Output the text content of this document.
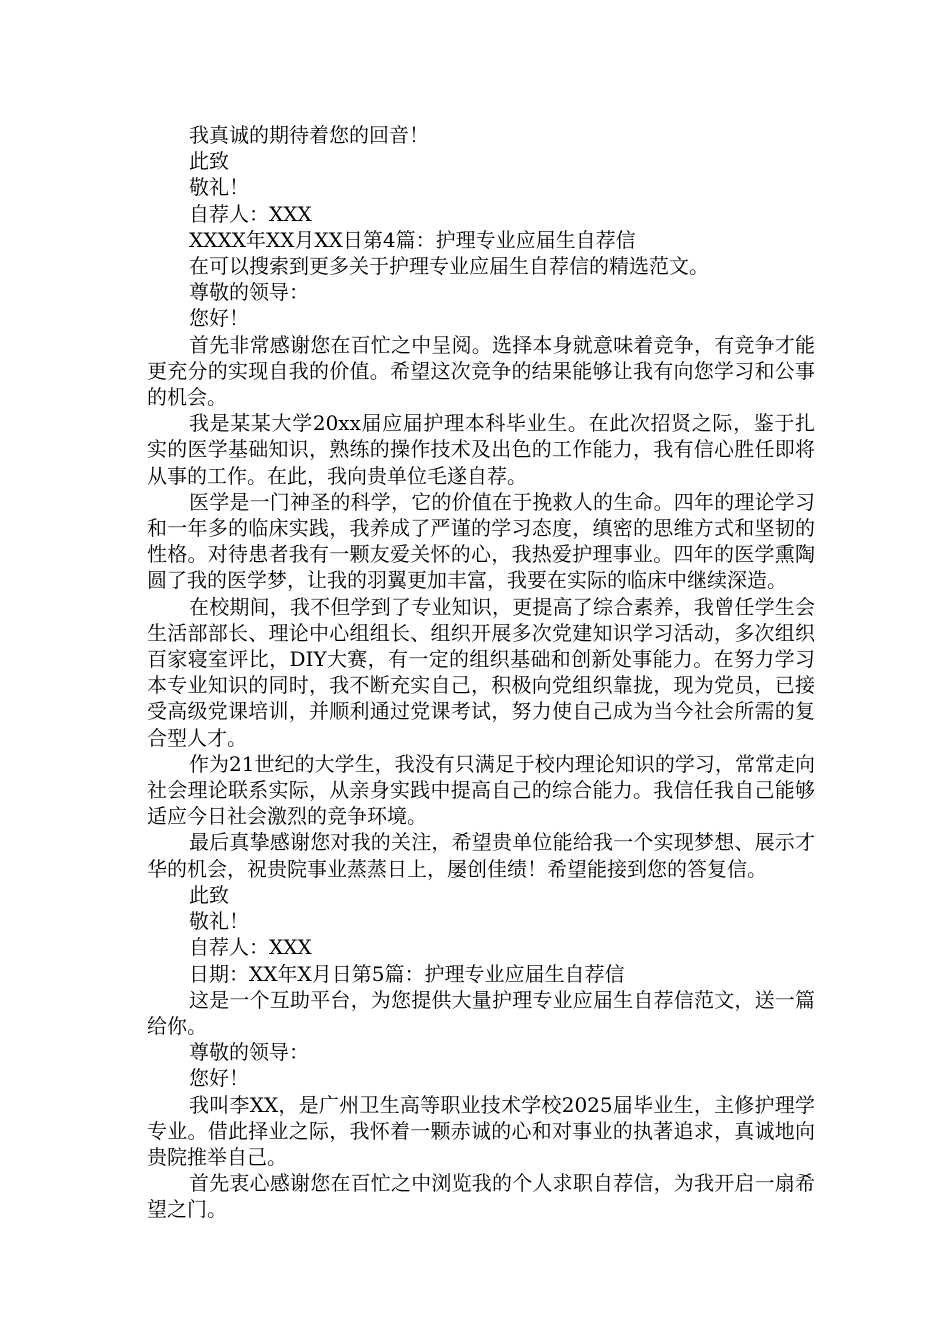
我真诚的期待着您的回音！

此致

敬礼！

自荐人：XXX

XXXX年XX月XX日第4篇：护理专业应届生自荐信

在可以搜索到更多关于护理专业应届生自荐信的精选范文。

尊敬的领导：

您好！

首先非常感谢您在百忙之中呈阅。选择本身就意味着竞争，有竞争才能更充分的实现自我的价值。希望这次竞争的结果能够让我有向您学习和公事的机会。

我是某某大学20xx届应届护理本科毕业生。在此次招贤之际，鉴于扎实的医学基础知识，熟练的操作技术及出色的工作能力，我有信心胜任即将从事的工作。在此，我向贵单位毛遂自荐。

医学是一门神圣的科学，它的价值在于挽救人的生命。四年的理论学习和一年多的临床实践，我养成了严谨的学习态度，缜密的思维方式和坚韧的性格。对待患者我有一颗友爱关怀的心，我热爱护理事业。四年的医学熏陶圆了我的医学梦，让我的羽翼更加丰富，我要在实际的临床中继续深造。

在校期间，我不但学到了专业知识，更提高了综合素养，我曾任学生会生活部部长、理论中心组组长、组织开展多次党建知识学习活动，多次组织百家寝室评比，DIY大赛，有一定的组织基础和创新处事能力。在努力学习本专业知识的同时，我不断充实自己，积极向党组织靠拢，现为党员，已接受高级党课培训，并顺利通过党课考试，努力使自己成为当今社会所需的复合型人才。

作为21世纪的大学生，我没有只满足于校内理论知识的学习，常常走向社会理论联系实际，从亲身实践中提高自己的综合能力。我信任我自己能够适应今日社会激烈的竞争环境。

最后真挚感谢您对我的关注，希望贵单位能给我一个实现梦想、展示才华的机会，祝贵院事业蒸蒸日上，屡创佳绩！希望能接到您的答复信。

此致

敬礼！

自荐人：XXX

日期：XX年X月日第5篇：护理专业应届生自荐信

这是一个互助平台，为您提供大量护理专业应届生自荐信范文，送一篇给你。

尊敬的领导：

您好！

我叫李XX，是广州卫生高等职业技术学校2025届毕业生，主修护理学专业。借此择业之际，我怀着一颗赤诚的心和对事业的执著追求，真诚地向贵院推举自己。

首先衷心感谢您在百忙之中浏览我的个人求职自荐信，为我开启一扇希望之门。
